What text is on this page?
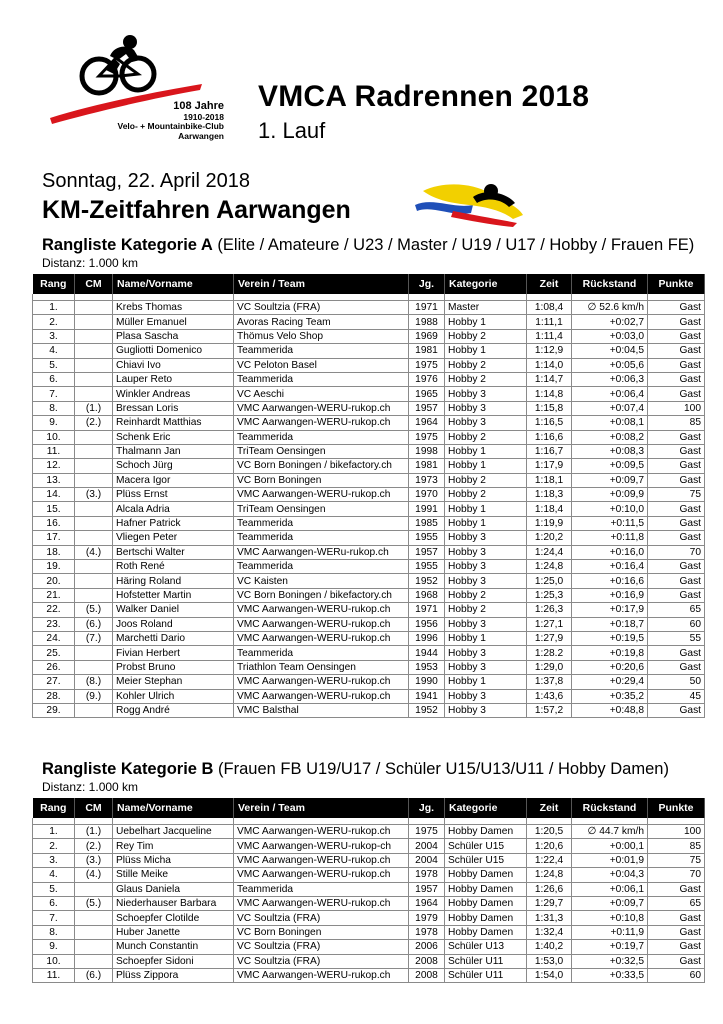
108 Jahre
1910-2018
Velo- + Mountainbike-Club
Aarwangen
VMCA Radrennen 2018
1. Lauf
Sonntag, 22. April 2018
KM-Zeitfahren Aarwangen
Rangliste Kategorie A (Elite / Amateure / U23 / Master / U19 / U17 / Hobby / Frauen FE)
Distanz: 1.000 km
Rang	CM	Name/Vorname	Verein / Team	Jg.	Kategorie	Zeit	Rückstand	Punkte

1.		Krebs Thomas	VC Soultzia (FRA)	1971	Master	1:08,4	∅ 52.6 km/h	Gast
2.		Müller Emanuel	Avoras Racing Team	1988	Hobby 1	1:11,1	+0:02,7	Gast
3.		Plasa Sascha	Thömus Velo Shop	1969	Hobby 2	1:11,4	+0:03,0	Gast
4.		Gugliotti Domenico	Teammerida	1981	Hobby 1	1:12,9	+0:04,5	Gast
5.		Chiavi Ivo	VC Peloton Basel	1975	Hobby 2	1:14,0	+0:05,6	Gast
6.		Lauper Reto	Teammerida	1976	Hobby 2	1:14,7	+0:06,3	Gast
7.		Winkler Andreas	VC Aeschi	1965	Hobby 3	1:14,8	+0:06,4	Gast
8.	(1.)	Bressan Loris	VMC Aarwangen-WERU-rukop.ch	1957	Hobby 3	1:15,8	+0:07,4	100
9.	(2.)	Reinhardt Matthias	VMC Aarwangen-WERU-rukop.ch	1964	Hobby 3	1:16,5	+0:08,1	85
10.		Schenk Eric	Teammerida	1975	Hobby 2	1:16,6	+0:08,2	Gast
11.		Thalmann Jan	TriTeam Oensingen	1998	Hobby 1	1:16,7	+0:08,3	Gast
12.		Schoch Jürg	VC Born Boningen / bikefactory.ch	1981	Hobby 1	1:17,9	+0:09,5	Gast
13.		Macera Igor	VC Born Boningen	1973	Hobby 2	1:18,1	+0:09,7	Gast
14.	(3.)	Plüss Ernst	VMC Aarwangen-WERU-rukop.ch	1970	Hobby 2	1:18,3	+0:09,9	75
15.		Alcala Adria	TriTeam Oensingen	1991	Hobby 1	1:18,4	+0:10,0	Gast
16.		Hafner Patrick	Teammerida	1985	Hobby 1	1:19,9	+0:11,5	Gast
17.		Vliegen Peter	Teammerida	1955	Hobby 3	1:20,2	+0:11,8	Gast
18.	(4.)	Bertschi Walter	VMC Aarwangen-WERu-rukop.ch	1957	Hobby 3	1:24,4	+0:16,0	70
19.		Roth René	Teammerida	1955	Hobby 3	1:24,8	+0:16,4	Gast
20.		Häring Roland	VC Kaisten	1952	Hobby 3	1:25,0	+0:16,6	Gast
21.		Hofstetter Martin	VC Born Boningen / bikefactory.ch	1968	Hobby 2	1:25,3	+0:16,9	Gast
22.	(5.)	Walker Daniel	VMC Aarwangen-WERU-rukop.ch	1971	Hobby 2	1:26,3	+0:17,9	65
23.	(6.)	Joos Roland	VMC Aarwangen-WERU-rukop.ch	1956	Hobby 3	1:27,1	+0:18,7	60
24.	(7.)	Marchetti Dario	VMC Aarwangen-WERU-rukop.ch	1996	Hobby 1	1:27,9	+0:19,5	55
25.		Fivian Herbert	Teammerida	1944	Hobby 3	1:28.2	+0:19,8	Gast
26.		Probst Bruno	Triathlon Team Oensingen	1953	Hobby 3	1:29,0	+0:20,6	Gast
27.	(8.)	Meier Stephan	VMC Aarwangen-WERU-rukop.ch	1990	Hobby 1	1:37,8	+0:29,4	50
28.	(9.)	Kohler Ulrich	VMC Aarwangen-WERU-rukop.ch	1941	Hobby 3	1:43,6	+0:35,2	45
29.		Rogg André	VMC Balsthal	1952	Hobby 3	1:57,2	+0:48,8	Gast
Rangliste Kategorie B (Frauen FB U19/U17 / Schüler U15/U13/U11 / Hobby Damen)
Distanz: 1.000 km
Rang	CM	Name/Vorname	Verein / Team	Jg.	Kategorie	Zeit	Rückstand	Punkte

1.	(1.)	Uebelhart Jacqueline	VMC Aarwangen-WERU-rukop.ch	1975	Hobby Damen	1:20,5	∅ 44.7 km/h	100
2.	(2.)	Rey Tim	VMC Aarwangen-WERU-rukop-ch	2004	Schüler U15	1:20,6	+0:00,1	85
3.	(3.)	Plüss Micha	VMC Aarwangen-WERU-rukop.ch	2004	Schüler U15	1:22,4	+0:01,9	75
4.	(4.)	Stille Meike	VMC Aarwangen-WERU-rukop.ch	1978	Hobby Damen	1:24,8	+0:04,3	70
5.		Glaus Daniela	Teammerida	1957	Hobby Damen	1:26,6	+0:06,1	Gast
6.	(5.)	Niederhauser Barbara	VMC Aarwangen-WERU-rukop.ch	1964	Hobby Damen	1:29,7	+0:09,7	65
7.		Schoepfer Clotilde	VC Soultzia (FRA)	1979	Hobby Damen	1:31,3	+0:10,8	Gast
8.		Huber Janette	VC Born Boningen	1978	Hobby Damen	1:32,4	+0:11,9	Gast
9.		Munch Constantin	VC Soultzia (FRA)	2006	Schüler U13	1:40,2	+0:19,7	Gast
10.		Schoepfer Sidoni	VC Soultzia (FRA)	2008	Schüler U11	1:53,0	+0:32,5	Gast
11.	(6.)	Plüss Zippora	VMC Aarwangen-WERU-rukop.ch	2008	Schüler U11	1:54,0	+0:33,5	60
